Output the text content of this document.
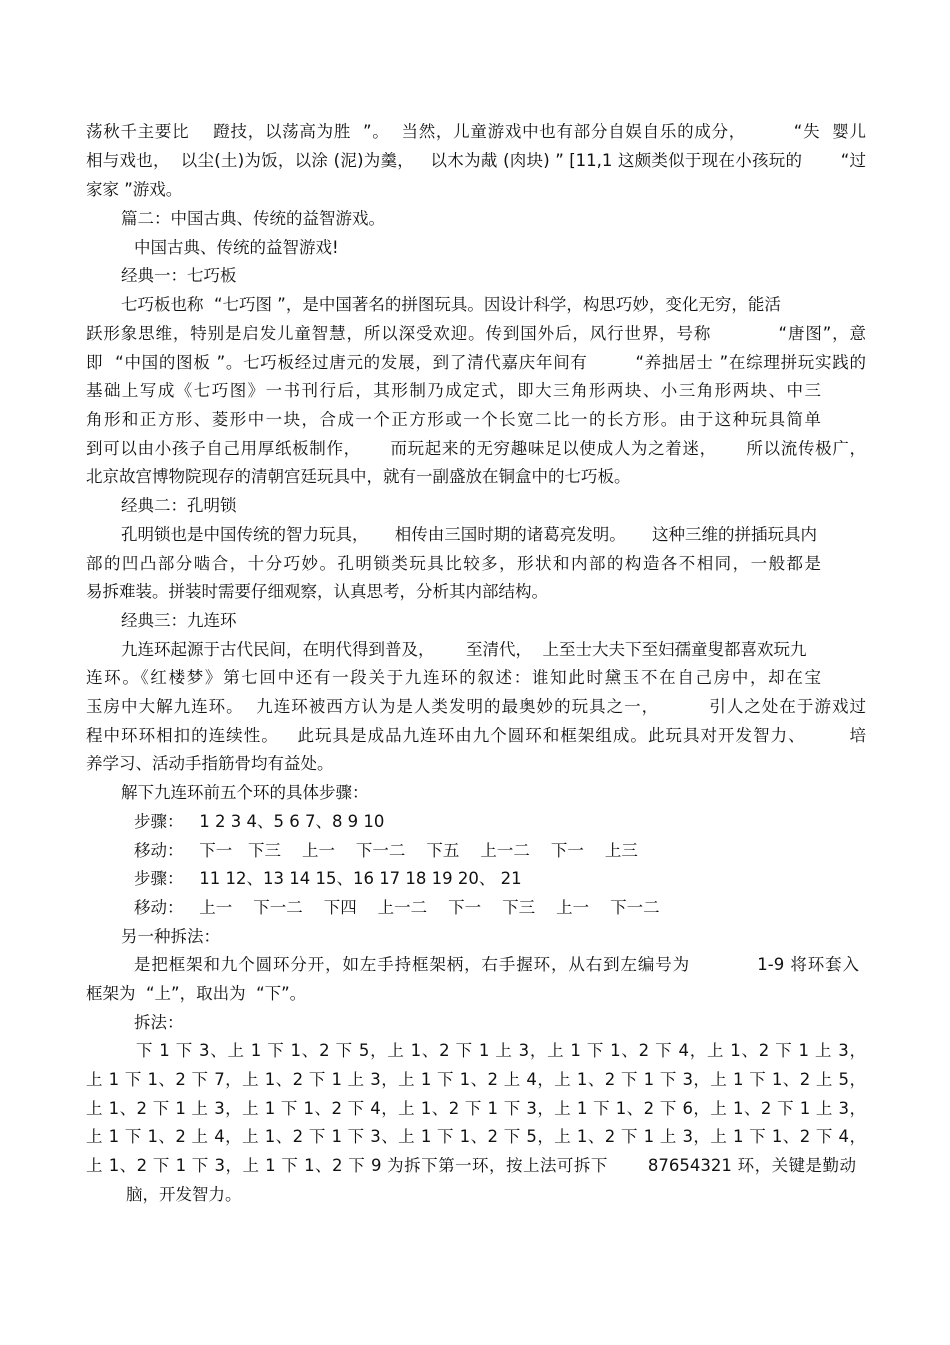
荡秋千主要比    蹬技，以荡高为胜  ”。  当然，儿童游戏中也有部分自娱自乐的成分，        “失  婴儿
相与戏也，  以尘(土)为饭，以涂 (泥)为羹，   以木为胾 (肉块) ” [11,1 这颇类似于现在小孩玩的       “过
家家 ”游戏。
篇二：中国古典、传统的益智游戏。
中国古典、传统的益智游戏!
经典一：七巧板
七巧板也称  “七巧图 ”，是中国著名的拼图玩具。因设计科学，构思巧妙，变化无穷，能活
跃形象思维，特别是启发儿童智慧，所以深受欢迎。传到国外后，风行世界，号称           “唐图”，意
即  “中国的图板 ”。七巧板经过唐元的发展，到了清代嘉庆年间有        “养拙居士 ”在综理拼玩实践的
基础上写成《七巧图》一书刊行后，其形制乃成定式，即大三角形两块、小三角形两块、中三
角形和正方形、菱形中一块，合成一个正方形或一个长宽二比一的长方形。由于这种玩具简单
到可以由小孩子自己用厚纸板制作，     而玩起来的无穷趣味足以使成人为之着迷，     所以流传极广，
北京故宫博物院现存的清朝宫廷玩具中，就有一副盛放在铜盒中的七巧板。
经典二：孔明锁
孔明锁也是中国传统的智力玩具，     相传由三国时期的诸葛亮发明。     这种三维的拼插玩具内
部的凹凸部分啮合，十分巧妙。孔明锁类玩具比较多，形状和内部的构造各不相同，一般都是
易拆难装。拼装时需要仔细观察，认真思考，分析其内部结构。
经典三：九连环
九连环起源于古代民间，在明代得到普及，      至清代，  上至士大夫下至妇孺童叟都喜欢玩九
连环。《红楼梦》第七回中还有一段关于九连环的叙述：谁知此时黛玉不在自己房中，却在宝
玉房中大解九连环。  九连环被西方认为是人类发明的最奥妙的玩具之一，        引人之处在于游戏过
程中环环相扣的连续性。   此玩具是成品九连环由九个圆环和框架组成。此玩具对开发智力、       培
养学习、活动手指筋骨均有益处。
解下九连环前五个环的具体步骤：
步骤：   1 2 3 4、5 6 7、8 9 10
移动：   下一   下三    上一    下一二    下五    上一二    下一    上三
步骤：   11 12、13 14 15、16 17 18 19 20、 21
移动：   上一    下一二    下四    上一二    下一    下三    上一    下一二
另一种拆法：
是把框架和九个圆环分开，如左手持框架柄，右手握环，从右到左编号为           1-9 将环套入
框架为  “上”，取出为  “下”。
拆法：
下 1 下 3、上 1 下 1、2 下 5，上 1、2 下 1 上 3，上 1 下 1、2 下 4，上 1、2 下 1 上 3，
上 1 下 1、2 下 7，上 1、2 下 1 上 3，上 1 下 1、2 上 4，上 1、2 下 1 下 3，上 1 下 1、2 上 5，
上 1、2 下 1 上 3，上 1 下 1、2 下 4，上 1、2 下 1 下 3，上 1 下 1、2 下 6，上 1、2 下 1 上 3，
上 1 下 1、2 上 4，上 1、2 下 1 下 3、上 1 下 1、2 下 5，上 1、2 下 1 上 3，上 1 下 1、2 下 4，
上 1、2 下 1 下 3，上 1 下 1、2 下 9 为拆下第一环，按上法可拆下       87654321 环，关键是勤动
脑，开发智力。
